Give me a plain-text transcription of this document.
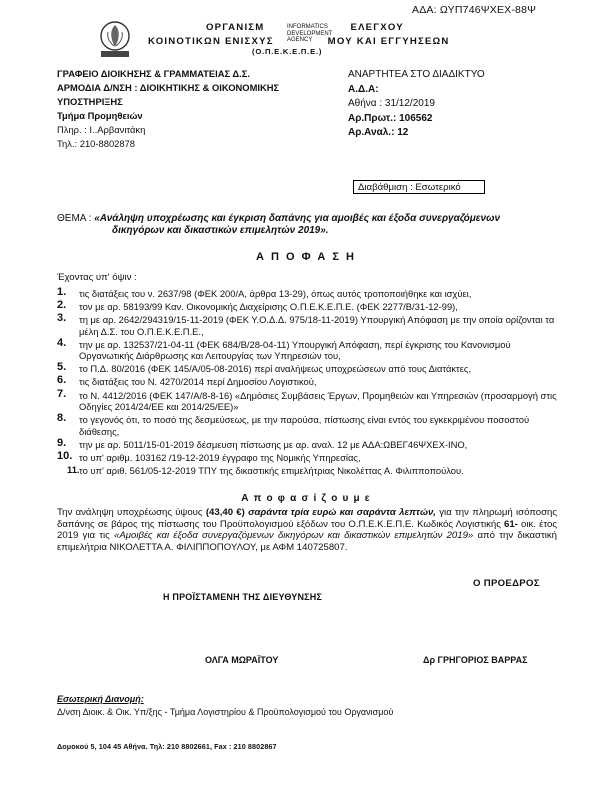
ΑΔΑ: ΩΥΠ746ΨΧΕΧ-88Ψ
ΟΡΓΑΝΙΣΜ	ΕΛΕΓΧΟΥ
ΚΟΙΝΟΤΙΚΩΝ ΕΝΙΣΧΥΣ	ΜΟΥ ΚΑΙ ΕΓΓΥΗΣΕΩΝ
(Ο.Π.Ε.Κ.Ε.Π.Ε.)
INFORMATICS
DEVELOPMENT
AGENCY
ΓΡΑΦΕΙΟ ΔΙΟΙΚΗΣΗΣ & ΓΡΑΜΜΑΤΕΙΑΣ Δ.Σ.
ΑΡΜΟΔΙΑ Δ/ΝΣΗ : ΔΙΟΙΚΗΤΙΚΗΣ & ΟΙΚΟΝΟΜΙΚΗΣ
ΥΠΟΣΤΗΡΙΞΗΣ
Τμήμα Προμηθειών
Πληρ. : Ι..Αρβανιτάκη
Τηλ.: 210-8802878
ΑΝΑΡΤΗΤΕΑ ΣΤΟ ΔΙΑΔΙΚΤΥΟ
Α.Δ.Α:
Αθήνα : 31/12/2019
Αρ.Πρωτ.: 106562
Αρ.Αναλ.: 12
Διαβάθμιση : Εσωτερικό
ΘΕΜΑ : «Ανάληψη υποχρέωσης και έγκριση δαπάνης για αμοιβές και έξοδα συνεργαζόμενων
δικηγόρων και δικαστικών επιμελητών 2019».
Α Π Ο Φ Α Σ Η
Έχοντας υπ' όψιν :
1. τις διατάξεις του ν. 2637/98 (ΦΕΚ 200/Α, άρθρα 13-29), όπως αυτός τροποποιήθηκε και ισχύει,
2. τον με αρ. 58193/99 Καν. Οικονομικής Διαχείρισης Ο.Π.Ε.Κ.Ε.Π.Ε. (ΦΕΚ 2277/Β/31-12-99),
3. τη με αρ. 2642/294319/15-11-2019 (ΦΕΚ Υ.Ο.Δ.Δ. 975/18-11-2019) Υπουργική Απόφαση με την οποία ορίζονται τα μέλη Δ.Σ. του Ο.Π.Ε.Κ.Ε.Π.Ε.,
4. την με αρ. 132537/21-04-11 (ΦΕΚ 684/Β/28-04-11) Υπουργική Απόφαση, περί έγκρισης του Κανονισμού Οργανωτικής Διάρθρωσης και Λειτουργίας των Υπηρεσιών του,
5. το Π.Δ. 80/2016 (ΦΕΚ 145/Α/05-08-2016) περί αναλήψεως υποχρεώσεων από τους Διατάκτες,
6. τις διατάξεις του Ν. 4270/2014 περί Δημοσίου Λογιστικού,
7. το Ν. 4412/2016 (ΦΕΚ 147/Α/8-8-16) «Δημόσιες Συμβάσεις Έργων, Προμηθειών και Υπηρεσιών (προσαρμογή στις Οδηγίες 2014/24/ΕΕ και 2014/25/ΕΕ)»
8. το γεγονός ότι, το ποσό της δεσμεύσεως, με την παρούσα, πίστωσης είναι εντός του εγκεκριμένου ποσοστού διάθεσης,
9. την με αρ. 5011/15-01-2019 δέσμευση πίστωσης με αρ. αναλ. 12 με ΑΔΑ:ΩΒΕΓ46ΨΧΕΧ-ΙΝΟ,
10. το υπ' αριθμ. 103162 /19-12-2019 έγγραφο της Νομικής Υπηρεσίας,
11. το υπ' αριθ. 561/05-12-2019 ΤΠΥ της δικαστικής επιμελήτριας Νικολέττας Α. Φιλιπποπούλου.
Α π ο φ α σ ί ζ ο υ μ ε
Την ανάληψη υποχρέωσης ύψους (43,40 €) σαράντα τρία ευρώ και σαράντα λεπτών, για την πληρωμή ισόποσης δαπάνης σε βάρος της πίστωσης του Προϋπολογισμού εξόδων του Ο.Π.Ε.Κ.Ε.Π.Ε. Κωδικός Λογιστικής 61- οικ. έτος 2019 για τις «Αμοιβές και έξοδα συνεργαζόμενων δικηγόρων και δικαστικών επιμελητών 2019» από την δικαστική επιμελήτρια ΝΙΚΟΛΕΤΤΑ Α. ΦΙΛΙΠΠΟΠΟΥΛΟΥ, με ΑΦΜ 140725807.
Ο ΠΡΟΕΔΡΟΣ
Η ΠΡΟΪΣΤΑΜΕΝΗ ΤΗΣ ΔΙΕΥΘΥΝΣΗΣ
ΟΛΓΑ ΜΩΡΑΪΤΟΥ	Δρ ΓΡΗΓΟΡΙΟΣ ΒΑΡΡΑΣ
Εσωτερική Διανομή:
Δ/νση Διοικ. & Οικ. Υπ/ξης - Τμήμα Λογιστηρίου & Προϋπολογισμού του Οργανισμού
Δομοκού 5, 104 45 Αθήνα. Τηλ: 210 8802661, Fax : 210 8802867
